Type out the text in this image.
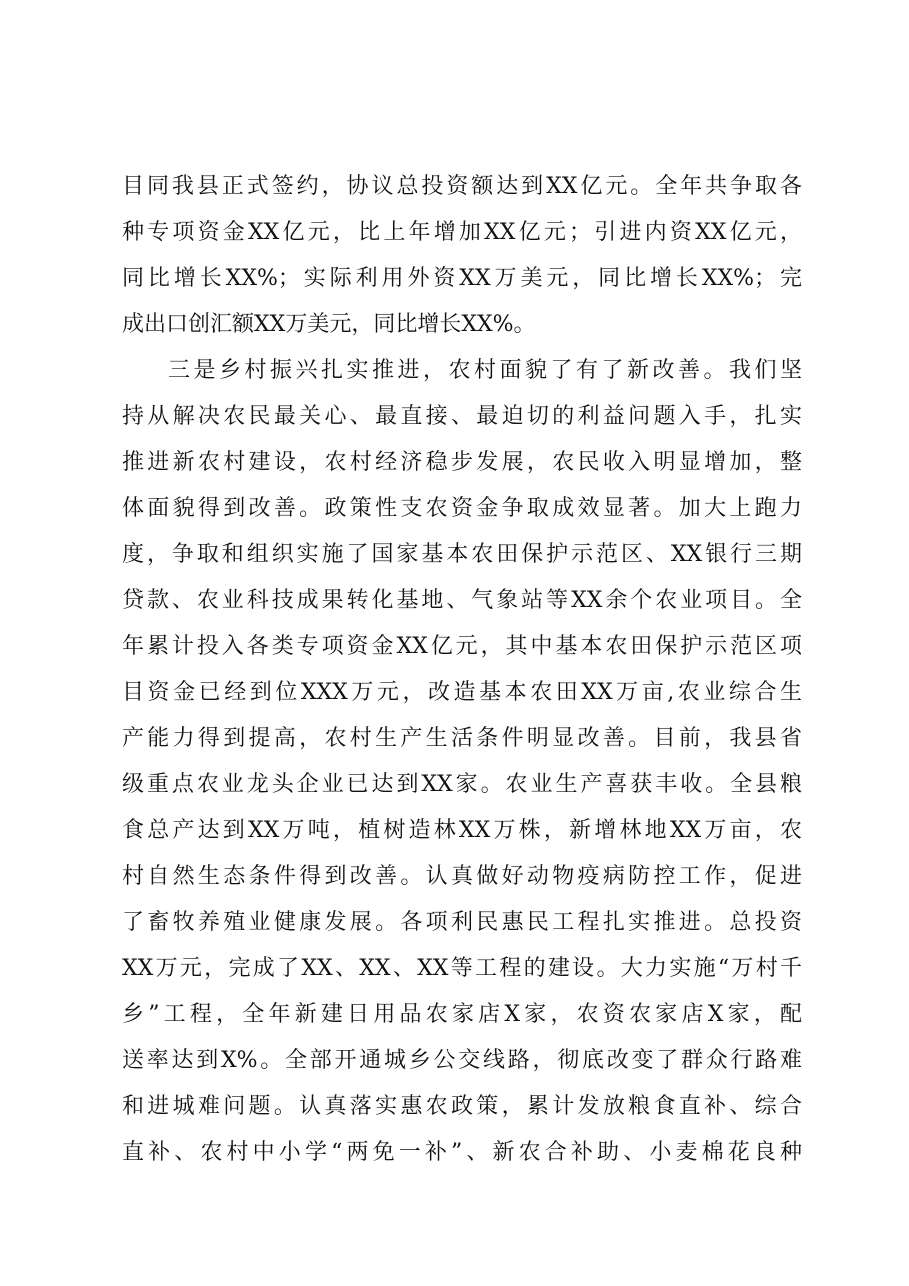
目同我县正式签约，协议总投资额达到XX亿元。全年共争取各
种专项资金XX亿元，比上年增加XX亿元；引进内资XX亿元，
同比增长XX%；实际利用外资XX万美元，同比增长XX%；完
成出口创汇额XX万美元，同比增长XX%。
三是乡村振兴扎实推进，农村面貌了有了新改善。我们坚
持从解决农民最关心、最直接、最迫切的利益问题入手，扎实
推进新农村建设，农村经济稳步发展，农民收入明显增加，整
体面貌得到改善。政策性支农资金争取成效显著。加大上跑力
度，争取和组织实施了国家基本农田保护示范区、XX银行三期
贷款、农业科技成果转化基地、气象站等XX余个农业项目。全
年累计投入各类专项资金XX亿元，其中基本农田保护示范区项
目资金已经到位XXX万元，改造基本农田XX万亩,农业综合生
产能力得到提高，农村生产生活条件明显改善。目前，我县省
级重点农业龙头企业已达到XX家。农业生产喜获丰收。全县粮
食总产达到XX万吨，植树造林XX万株，新增林地XX万亩，农
村自然生态条件得到改善。认真做好动物疫病防控工作，促进
了畜牧养殖业健康发展。各项利民惠民工程扎实推进。总投资
XX万元，完成了XX、XX、XX等工程的建设。大力实施“万村千
乡”工程，全年新建日用品农家店X家，农资农家店X家，配
送率达到X%。全部开通城乡公交线路，彻底改变了群众行路难
和进城难问题。认真落实惠农政策，累计发放粮食直补、综合
直补、农村中小学“两免一补”、新农合补助、小麦棉花良种
